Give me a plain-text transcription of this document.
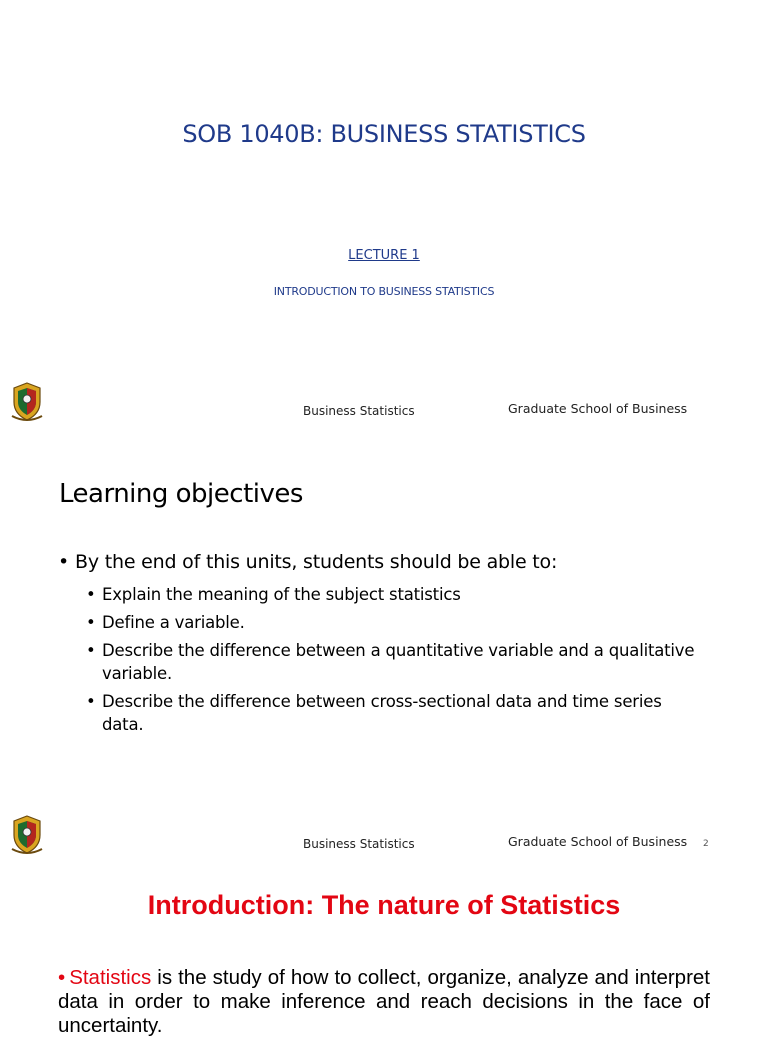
SOB 1040B: BUSINESS STATISTICS
LECTURE 1
INTRODUCTION TO BUSINESS STATISTICS
Business Statistics	Graduate School of Business
Learning objectives
• By the end of this units, students should be able to:
• Explain the meaning of the subject statistics
• Define a variable.
• Describe the difference between a quantitative variable and a qualitative variable.
• Describe the difference between cross-sectional data and time series data.
Business Statistics	Graduate School of Business 2
Introduction: The nature of Statistics
• Statistics is the study of how to collect, organize, analyze and interpret data in order to make inference and reach decisions in the face of uncertainty.
